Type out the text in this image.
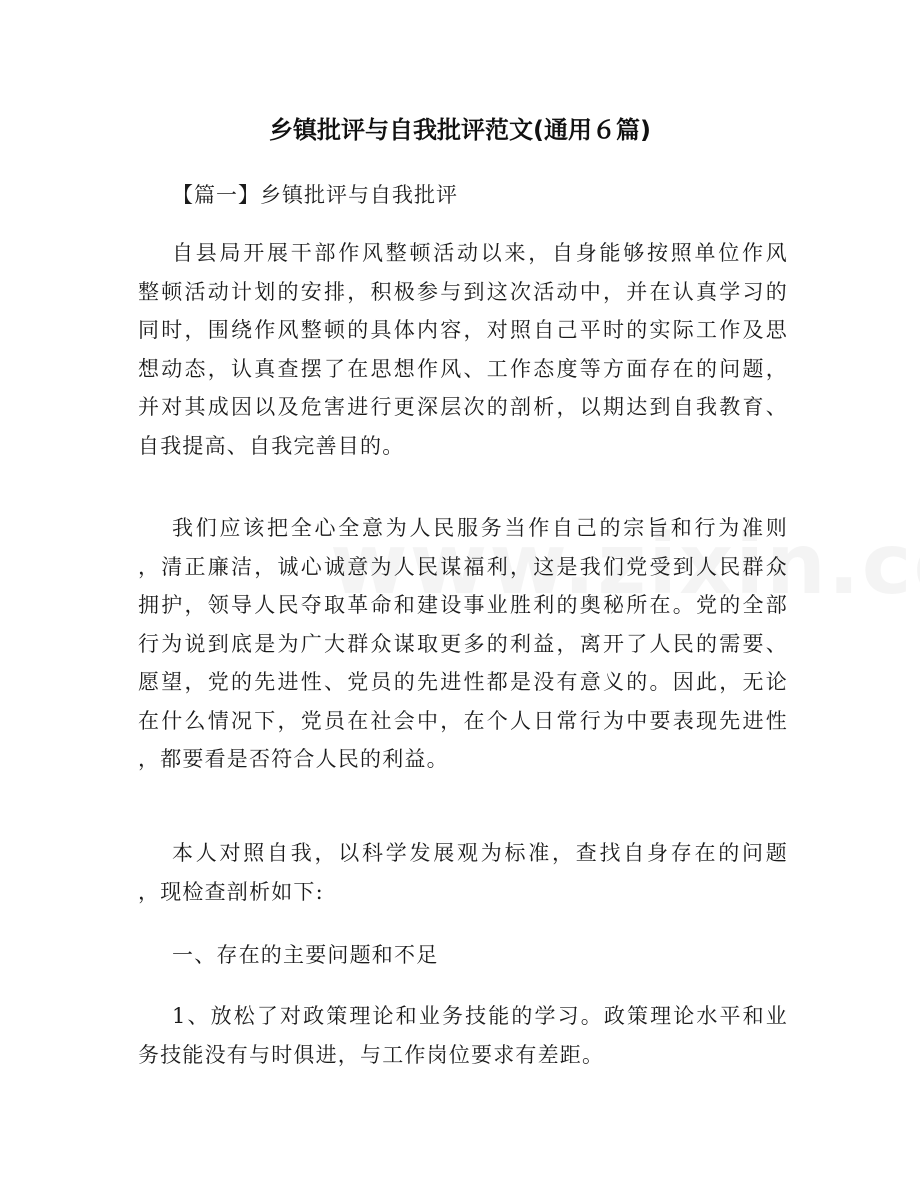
乡镇批评与自我批评范文(通用６篇)
【篇一】乡镇批评与自我批评
自县局开展干部作风整顿活动以来，自身能够按照单位作风
整顿活动计划的安排，积极参与到这次活动中，并在认真学习的
同时，围绕作风整顿的具体内容，对照自己平时的实际工作及思
想动态，认真查摆了在思想作风、工作态度等方面存在的问题，
并对其成因以及危害进行更深层次的剖析，以期达到自我教育、
自我提高、自我完善目的。
我们应该把全心全意为人民服务当作自己的宗旨和行为准则
，清正廉洁，诚心诚意为人民谋福利，这是我们党受到人民群众
拥护，领导人民夺取革命和建设事业胜利的奥秘所在。党的全部
行为说到底是为广大群众谋取更多的利益，离开了人民的需要、
愿望，党的先进性、党员的先进性都是没有意义的。因此，无论
在什么情况下，党员在社会中，在个人日常行为中要表现先进性
，都要看是否符合人民的利益。
本人对照自我，以科学发展观为标准，查找自身存在的问题
，现检查剖析如下:
一、存在的主要问题和不足
1、放松了对政策理论和业务技能的学习。政策理论水平和业
务技能没有与时俱进，与工作岗位要求有差距。
